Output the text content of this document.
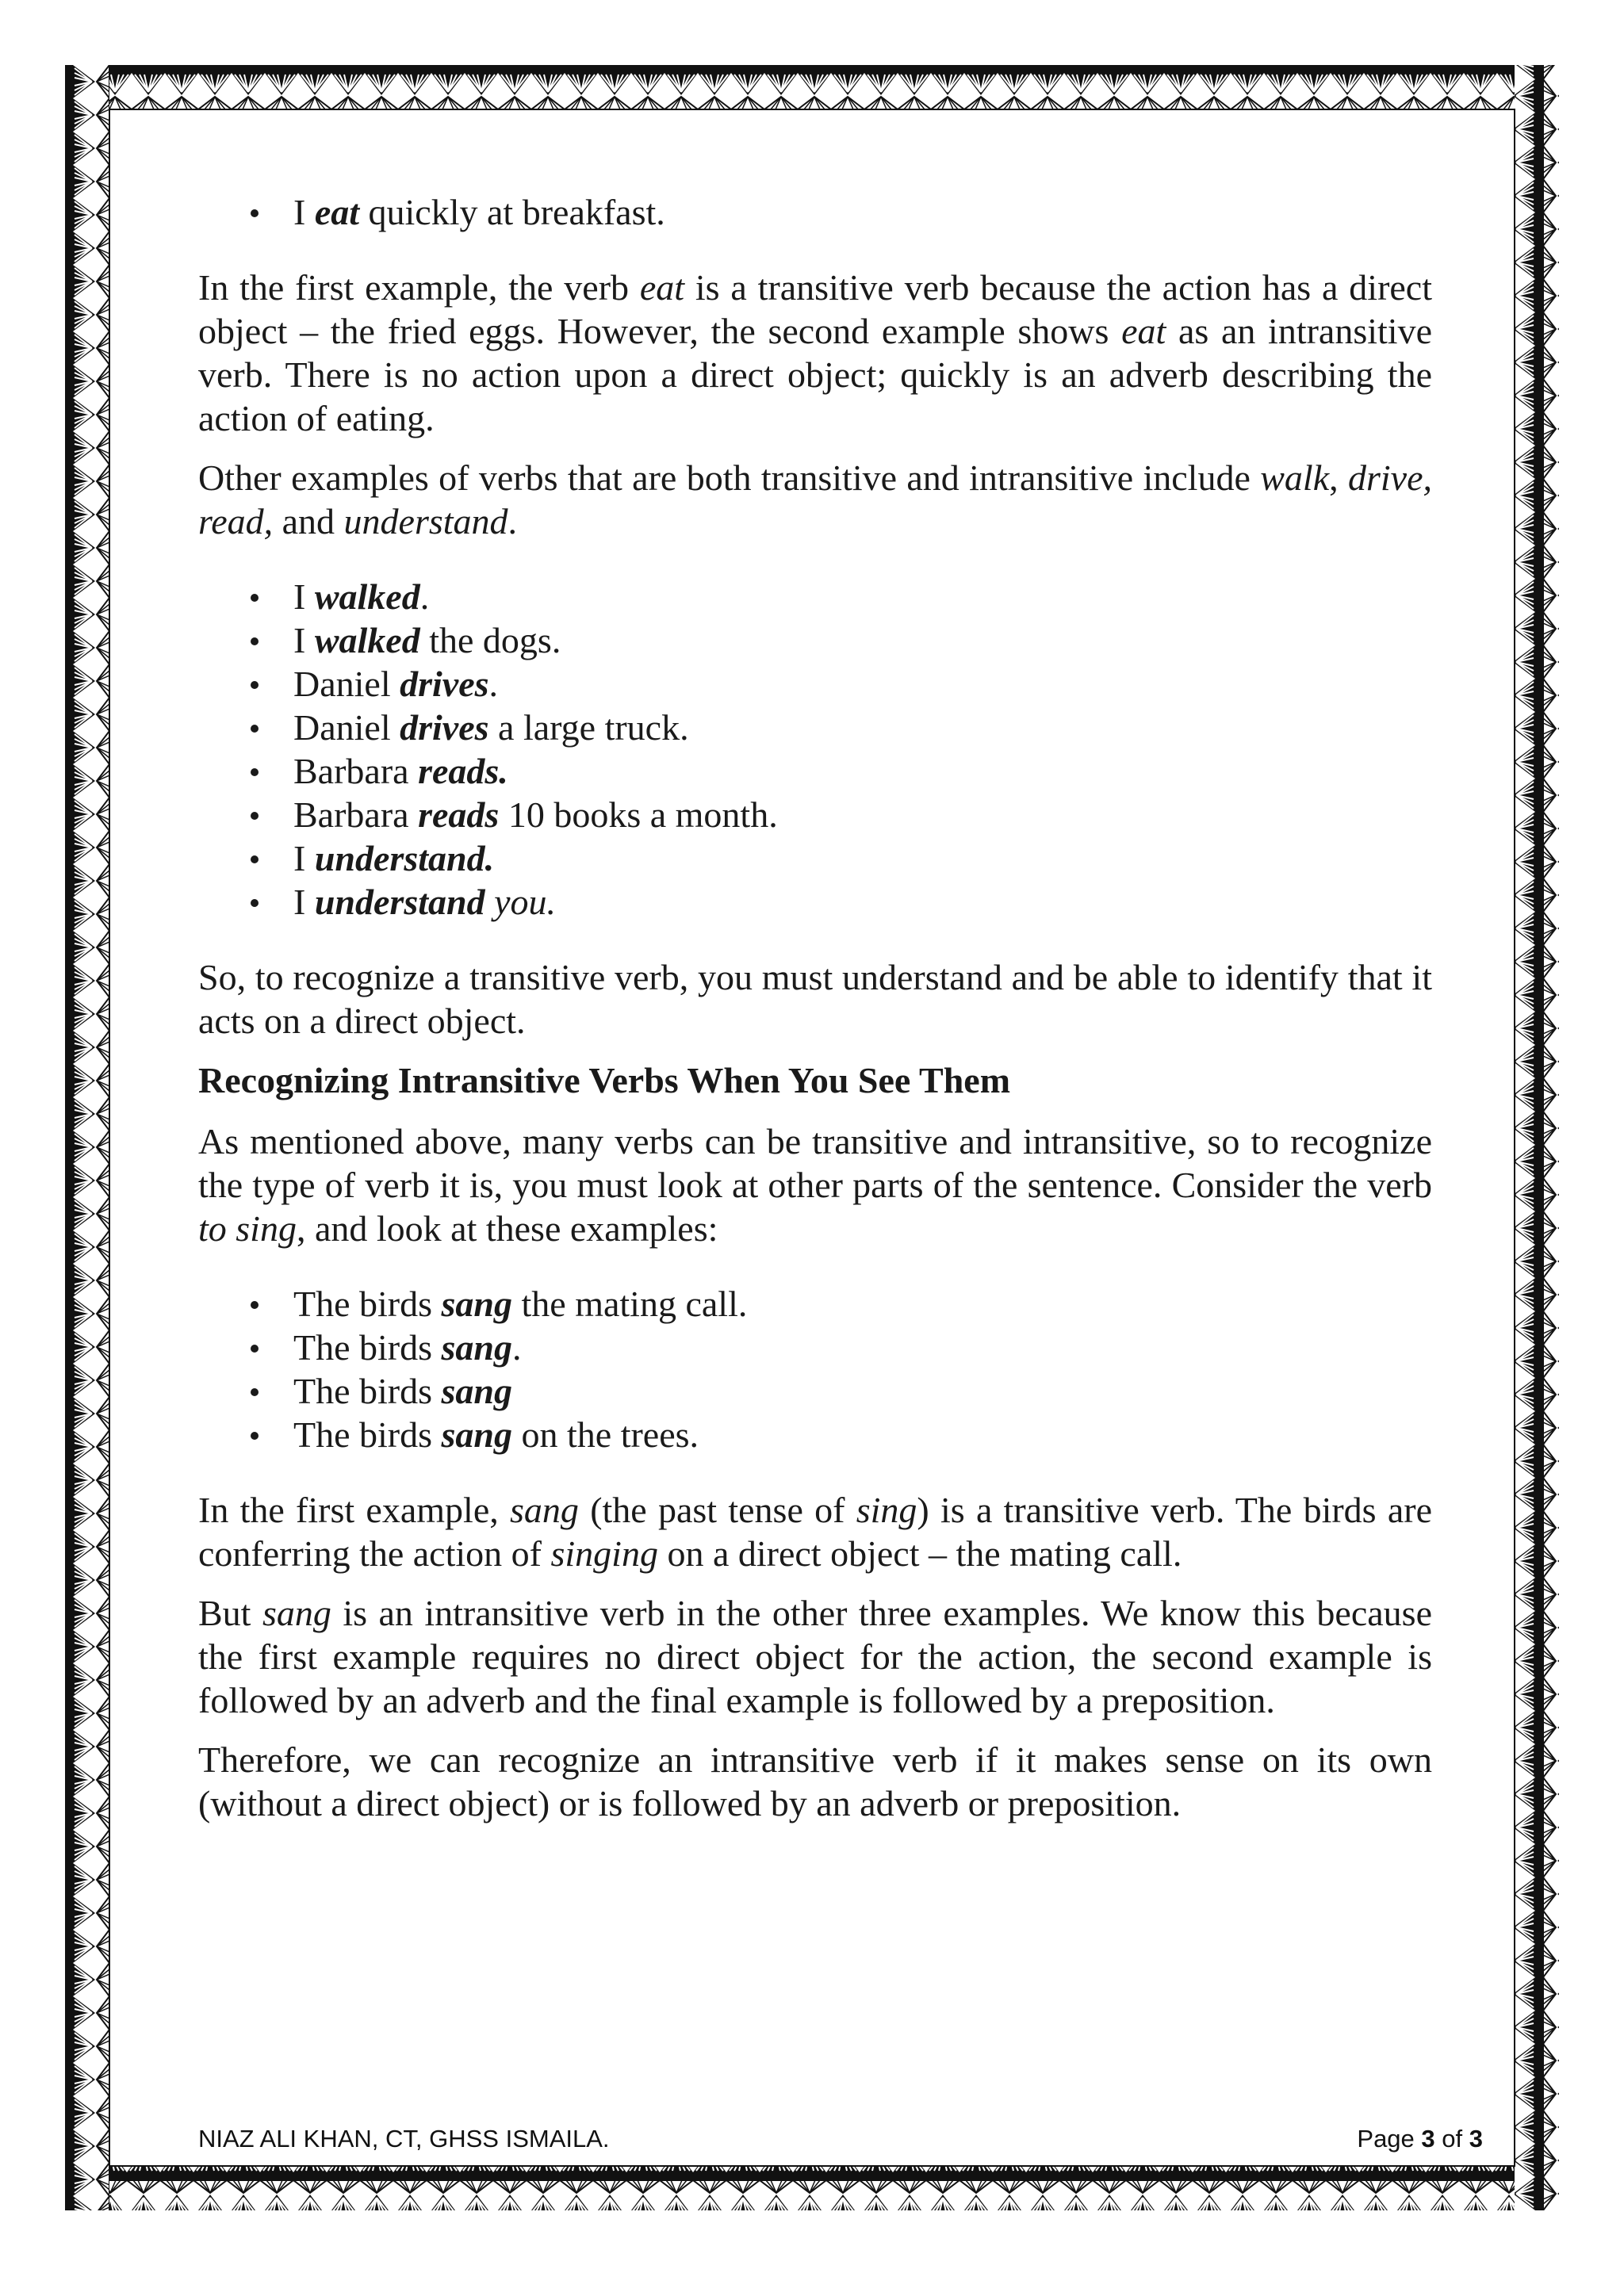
I eat quickly at breakfast.

In the first example, the verb eat is a transitive verb because the action has a direct object – the fried eggs. However, the second example shows eat as an intransitive verb. There is no action upon a direct object; quickly is an adverb describing the action of eating.

Other examples of verbs that are both transitive and intransitive include walk, drive, read, and understand.

I walked.
I walked the dogs.
Daniel drives.
Daniel drives a large truck.
Barbara reads.
Barbara reads 10 books a month.
I understand.
I understand you.

So, to recognize a transitive verb, you must understand and be able to identify that it acts on a direct object.

Recognizing Intransitive Verbs When You See Them

As mentioned above, many verbs can be transitive and intransitive, so to recognize the type of verb it is, you must look at other parts of the sentence. Consider the verb to sing, and look at these examples:

The birds sang the mating call.
The birds sang.
The birds sang
The birds sang on the trees.

In the first example, sang (the past tense of sing) is a transitive verb. The birds are conferring the action of singing on a direct object – the mating call.

But sang is an intransitive verb in the other three examples. We know this because the first example requires no direct object for the action, the second example is followed by an adverb and the final example is followed by a preposition.

Therefore, we can recognize an intransitive verb if it makes sense on its own (without a direct object) or is followed by an adverb or preposition.

NIAZ ALI KHAN, CT, GHSS ISMAILA.	Page 3 of 3
